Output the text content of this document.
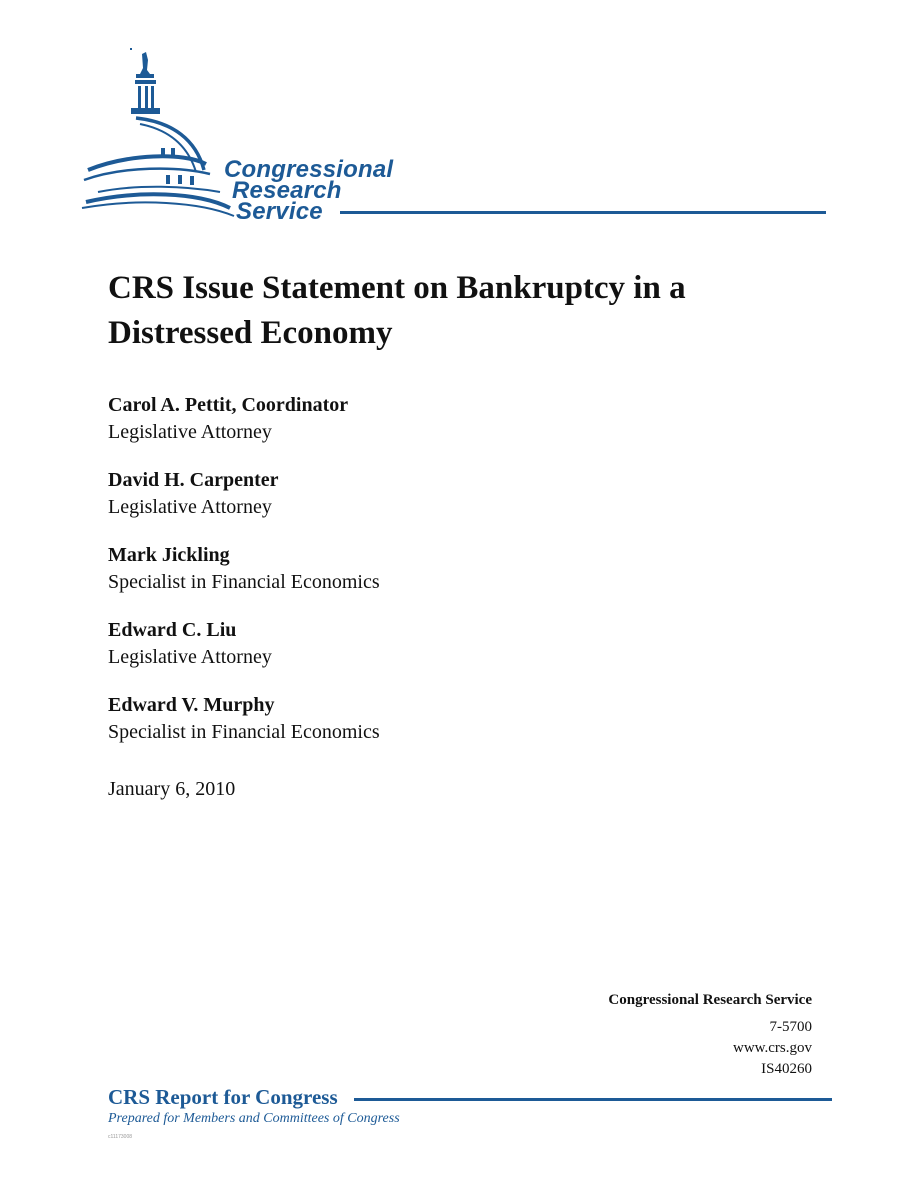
Congressional
Research
Service
CRS Issue Statement on Bankruptcy in a Distressed Economy
Carol A. Pettit, Coordinator
Legislative Attorney
David H. Carpenter
Legislative Attorney
Mark Jickling
Specialist in Financial Economics
Edward C. Liu
Legislative Attorney
Edward V. Murphy
Specialist in Financial Economics
January 6, 2010
Congressional Research Service
7-5700
www.crs.gov
IS40260
CRS Report for Congress
Prepared for Members and Committees of Congress
c11173008
